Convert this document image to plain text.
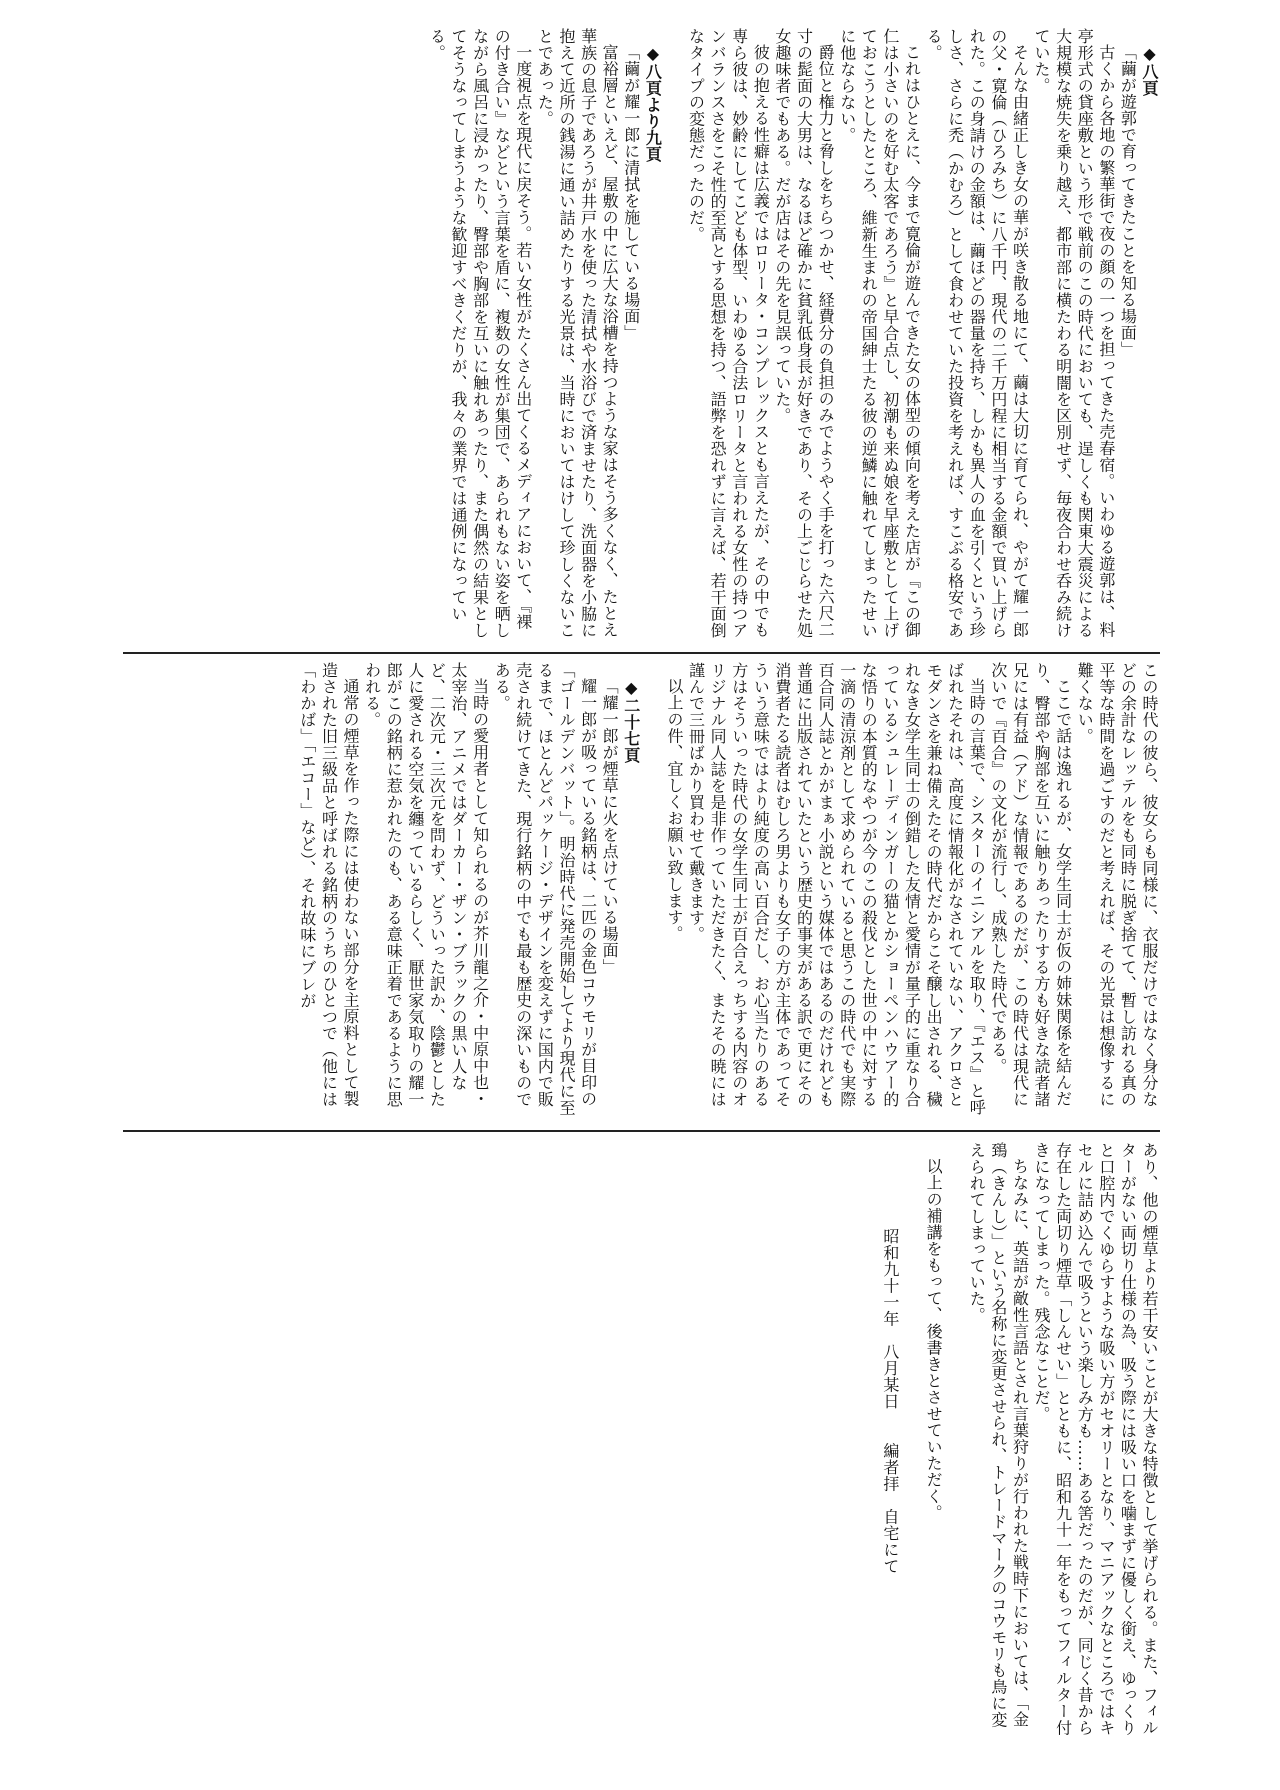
◆八頁

「繭が遊郭で育ってきたことを知る場面」

古くから各地の繁華街で夜の顔の一つを担ってきた売春宿。いわゆる遊郭は、料亭形式の貸座敷という形で戦前のこの時代においても、逞しくも関東大震災による大規模な焼失を乗り越え、都市部に横たわる明闇を区別せず、毎夜合わせ呑み続けていた。

そんな由緒正しき女の華が咲き散る地にて、繭は大切に育てられ、やがて耀一郎の父・寛倫（ひろみち）に八千円、現代の二千万円程に相当する金額で買い上げられた。この身請けの金額は、繭ほどの器量を持ち、しかも異人の血を引くという珍しさ、さらに禿（かむろ）として食わせていた投資を考えれば、すこぶる格安である。

これはひとえに、今まで寛倫が遊んできた女の体型の傾向を考えた店が『この御仁は小さいのを好む太客であろう』と早合点し、初潮も来ぬ娘を早座敷として上げておこうとしたところ、維新生まれの帝国紳士たる彼の逆鱗に触れてしまったせいに他ならない。

爵位と権力と脅しをちらつかせ、経費分の負担のみでようやく手を打った六尺二寸の髭面の大男は、なるほど確かに貧乳低身長が好きであり、その上ごじらせた処女趣味者でもある。だが店はその先を見誤っていた。

彼の抱える性癖は広義ではロリータ・コンプレックスとも言えたが、その中でも専ら彼は、妙齢にしてこども体型、いわゆる合法ロリータと言われる女性の持つアンバランスさをこそ性的至高とする思想を持つ、語弊を恐れずに言えば、若干面倒なタイプの変態だったのだ。

◆八頁より九頁

「繭が耀一郎に清拭を施している場面」

富裕層といえど、屋敷の中に広大な浴槽を持つような家はそう多くなく、たとえ華族の息子であろうが井戸水を使った清拭や水浴びで済ませたり、洗面器を小脇に抱えて近所の銭湯に通い詰めたりする光景は、当時においてはけして珍しくないことであった。

一度視点を現代に戻そう。若い女性がたくさん出てくるメディアにおいて、『裸の付き合い』などという言葉を盾に、複数の女性が集団で、あられもない姿を晒しながら風呂に浸かったり、臀部や胸部を互いに触れあったり、また偶然の結果としてそうなってしまうような歓迎すべきくだりが、我々の業界では通例になっている。

この時代の彼ら、彼女らも同様に、衣服だけではなく身分などの余計なレッテルをも同時に脱ぎ捨てて、暫し訪れる真の平等な時間を過ごすのだと考えれば、その光景は想像するに難くない。

ここで話は逸れるが、女学生同士が仮の姉妹関係を結んだり、臀部や胸部を互いに触りあったりする方も好きな読者諸兄には有益（アド）な情報であるのだが、この時代は現代に次いで『百合』の文化が流行し、成熟した時代である。

当時の言葉で、シスターのイニシアルを取り、『エス』と呼ばれたそれは、高度に情報化がなされていない、アクロさとモダンさを兼ね備えたその時代だからこそ醸し出される、穢れなき女学生同士の倒錯した友情と愛情が量子的に重なり合っているシュレーディンガーの猫とかショーペンハウアー的な悟りの本質的なやつが今のこの殺伐とした世の中に対する一滴の清涼剤として求められていると思うこの時代でも実際百合同人誌とかがまぁ小説という媒体ではあるのだけれども普通に出版されていたという歴史的事実がある訳で更にその消費者たる読者はむしろ男よりも女子の方が主体であってそういう意味ではより純度の高い百合だし、お心当たりのある方はそういった時代の女学生同士が百合えっちする内容のオリジナル同人誌を是非作っていただきたく、またその暁には謹んで三冊ばかり買わせて戴きます。

以上の件、宜しくお願い致します。

◆二十七頁

「耀一郎が煙草に火を点けている場面」

耀一郎が吸っている銘柄は、二匹の金色コウモリが目印の「ゴールデンバット」。明治時代に発売開始してより現代に至るまで、ほとんどパッケージ・デザインを変えずに国内で販売され続けてきた、現行銘柄の中でも最も歴史の深いものである。

当時の愛用者として知られるのが芥川龍之介・中原中也・太宰治、アニメではダーカー・ザン・ブラックの黒い人など、二次元・三次元を問わず、どういった訳か、陰鬱とした人に愛される空気を纏っているらしく、厭世家気取りの耀一郎がこの銘柄に惹かれたのも、ある意味正着であるように思われる。

通常の煙草を作った際には使わない部分を主原料として製造された旧三級品と呼ばれる銘柄のうちのひとつで（他には「わかば」「エコー」など）、それ故味にブレが

あり、他の煙草より若干安いことが大きな特徴として挙げられる。また、フィルターがない両切り仕様の為、吸う際には吸い口を噛まずに優しく銜え、ゆっくりと口腔内でくゆらすような吸い方がセオリーとなり、マニアックなところではキセルに詰め込んで吸うという楽しみ方も……ある筈だったのだが、同じく昔から存在した両切り煙草「しんせい」とともに、昭和九十一年をもってフィルター付きになってしまった。残念なことだ。

ちなみに、英語が敵性言語とされ言葉狩りが行われた戦時下においては、「金鵄（きんし）」という名称に変更させられ、トレードマークのコウモリも鳥に変えられてしまっていた。

以上の補講をもって、後書きとさせていただく。

昭和九十一年　八月某日　　編者拝　自宅にて
